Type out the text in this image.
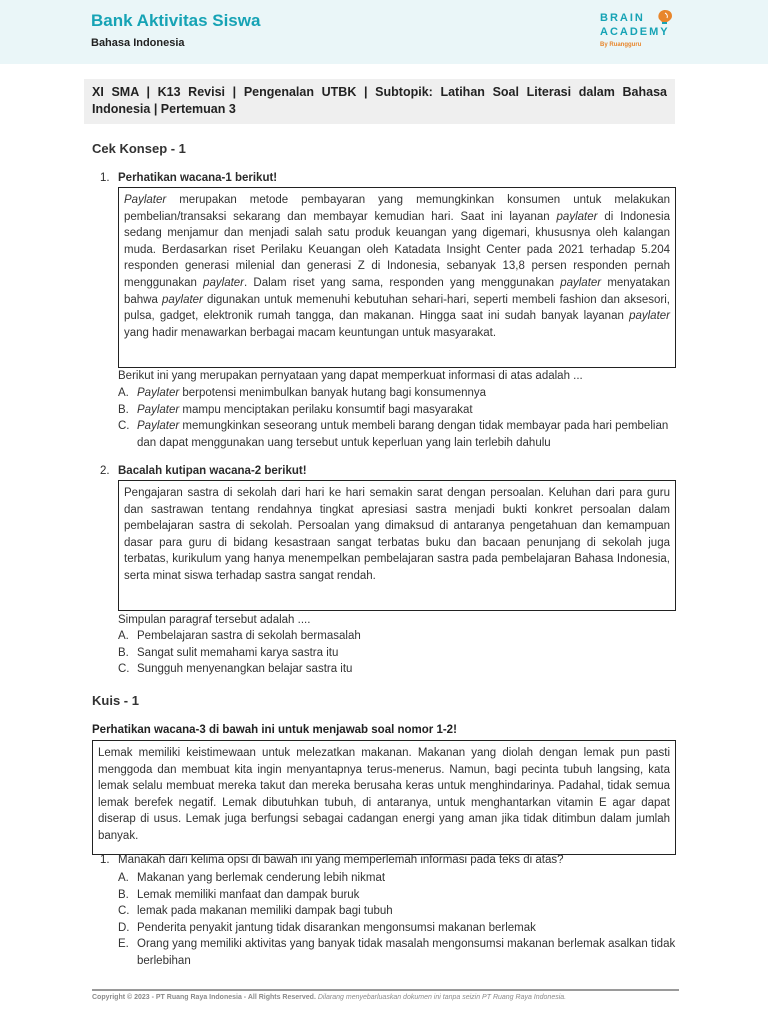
Bank Aktivitas Siswa
Bahasa Indonesia
BRAIN
ACADEMY
By Ruangguru
XI SMA | K13 Revisi | Pengenalan UTBK | Subtopik: Latihan Soal Literasi dalam Bahasa Indonesia | Pertemuan 3
Cek Konsep - 1
1. Perhatikan wacana-1 berikut!

Paylater merupakan metode pembayaran yang memungkinkan konsumen untuk melakukan pembelian/transaksi sekarang dan membayar kemudian hari. Saat ini layanan paylater di Indonesia sedang menjamur dan menjadi salah satu produk keuangan yang digemari, khususnya oleh kalangan muda. Berdasarkan riset Perilaku Keuangan oleh Katadata Insight Center pada 2021 terhadap 5.204 responden generasi milenial dan generasi Z di Indonesia, sebanyak 13,8 persen responden pernah menggunakan paylater. Dalam riset yang sama, responden yang menggunakan paylater menyatakan bahwa paylater digunakan untuk memenuhi kebutuhan sehari-hari, seperti membeli fashion dan aksesori, pulsa, gadget, elektronik rumah tangga, dan makanan. Hingga saat ini sudah banyak layanan paylater yang hadir menawarkan berbagai macam keuntungan untuk masyarakat.

Berikut ini yang merupakan pernyataan yang dapat memperkuat informasi di atas adalah ...
A. Paylater berpotensi menimbulkan banyak hutang bagi konsumennya
B. Paylater mampu menciptakan perilaku konsumtif bagi masyarakat
C. Paylater memungkinkan seseorang untuk membeli barang dengan tidak membayar pada hari pembelian dan dapat menggunakan uang tersebut untuk keperluan yang lain terlebih dahulu
2. Bacalah kutipan wacana-2 berikut!

Pengajaran sastra di sekolah dari hari ke hari semakin sarat dengan persoalan. Keluhan dari para guru dan sastrawan tentang rendahnya tingkat apresiasi sastra menjadi bukti konkret persoalan dalam pembelajaran sastra di sekolah. Persoalan yang dimaksud di antaranya pengetahuan dan kemampuan dasar para guru di bidang kesastraan sangat terbatas buku dan bacaan penunjang di sekolah juga terbatas, kurikulum yang hanya menempelkan pembelajaran sastra pada pembelajaran Bahasa Indonesia, serta minat siswa terhadap sastra sangat rendah.

Simpulan paragraf tersebut adalah ....
A. Pembelajaran sastra di sekolah bermasalah
B. Sangat sulit memahami karya sastra itu
C. Sungguh menyenangkan belajar sastra itu
Kuis - 1
Perhatikan wacana-3 di bawah ini untuk menjawab soal nomor 1-2!

Lemak memiliki keistimewaan untuk melezatkan makanan. Makanan yang diolah dengan lemak pun pasti menggoda dan membuat kita ingin menyantapnya terus-menerus. Namun, bagi pecinta tubuh langsing, kata lemak selalu membuat mereka takut dan mereka berusaha keras untuk menghindarinya. Padahal, tidak semua lemak berefek negatif. Lemak dibutuhkan tubuh, di antaranya, untuk menghantarkan vitamin E agar dapat diserap di usus. Lemak juga berfungsi sebagai cadangan energi yang aman jika tidak ditimbun dalam jumlah banyak.

1. Manakah dari kelima opsi di bawah ini yang memperlemah informasi pada teks di atas?
A. Makanan yang berlemak cenderung lebih nikmat
B. Lemak memiliki manfaat dan dampak buruk
C. lemak pada makanan memiliki dampak bagi tubuh
D. Penderita penyakit jantung tidak disarankan mengonsumsi makanan berlemak
E. Orang yang memiliki aktivitas yang banyak tidak masalah mengonsumsi makanan berlemak asalkan tidak berlebihan
Copyright © 2023 - PT Ruang Raya Indonesia - All Rights Reserved. Dilarang menyebarluaskan dokumen ini tanpa seizin PT Ruang Raya Indonesia.
